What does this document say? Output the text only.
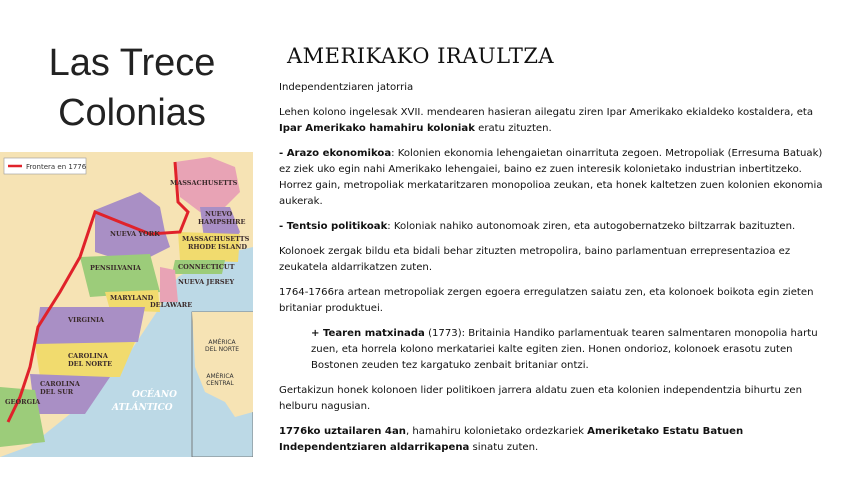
Las Trece
Colonias
Frontera en 1776
AMÉRICA
DEL NORTE
AMÉRICA
CENTRAL
MASSACHUSETTS
NUEVO
HAMPSHIRE
MASSACHUSETTS
RHODE ISLAND
NUEVA YORK
CONNECTICUT
PENSILVANIA
NUEVA JERSEY
MARYLAND
DELAWARE
VIRGINIA
CAROLINA
DEL NORTE
CAROLINA
DEL SUR
GEORGIA
OCÉANO
ATLÁNTICO
AMERIKAKO IRAULTZA

Independentziaren jatorria

Lehen kolono ingelesak XVII. mendearen hasieran ailegatu ziren Ipar Amerikako ekialdeko kostaldera, eta Ipar Amerikako hamahiru koloniak eratu zituzten.

- Arazo ekonomikoa: Kolonien ekonomia lehengaietan oinarrituta zegoen. Metropoliak (Erresuma Batuak) ez ziek uko egin nahi Amerikako lehengaiei, baino ez zuen interesik kolonietako industrian inbertitzeko. Horrez gain, metropoliak merkataritzaren monopolioa zeukan, eta honek kaltetzen zuen kolonien ekonomia aukerak.

- Tentsio politikoak: Koloniak nahiko autonomoak ziren, eta autogobernatzeko biltzarrak bazituzten.

Kolonoek zergak bildu eta bidali behar zituzten metropolira, baino parlamentuan errepresentazioa ez zeukatela aldarrikatzen zuten.

1764-1766ra artean metropoliak zergen egoera erregulatzen saiatu zen, eta kolonoek boikota egin zieten britaniar produktuei.

+ Tearen matxinada (1773): Britainia Handiko parlamentuak tearen salmentaren monopolia hartu zuen, eta horrela kolono merkatariei kalte egiten zien. Honen ondorioz, kolonoek erasotu zuten Bostonen zeuden tez kargatuko zenbait britaniar ontzi.

Gertakizun honek kolonoen lider politikoen jarrera aldatu zuen eta kolonien independentzia bihurtu zen helburu nagusian.

1776ko uztailaren 4an, hamahiru kolonietako ordezkariek Ameriketako Estatu Batuen Independentziaren aldarrikapena sinatu zuten.
